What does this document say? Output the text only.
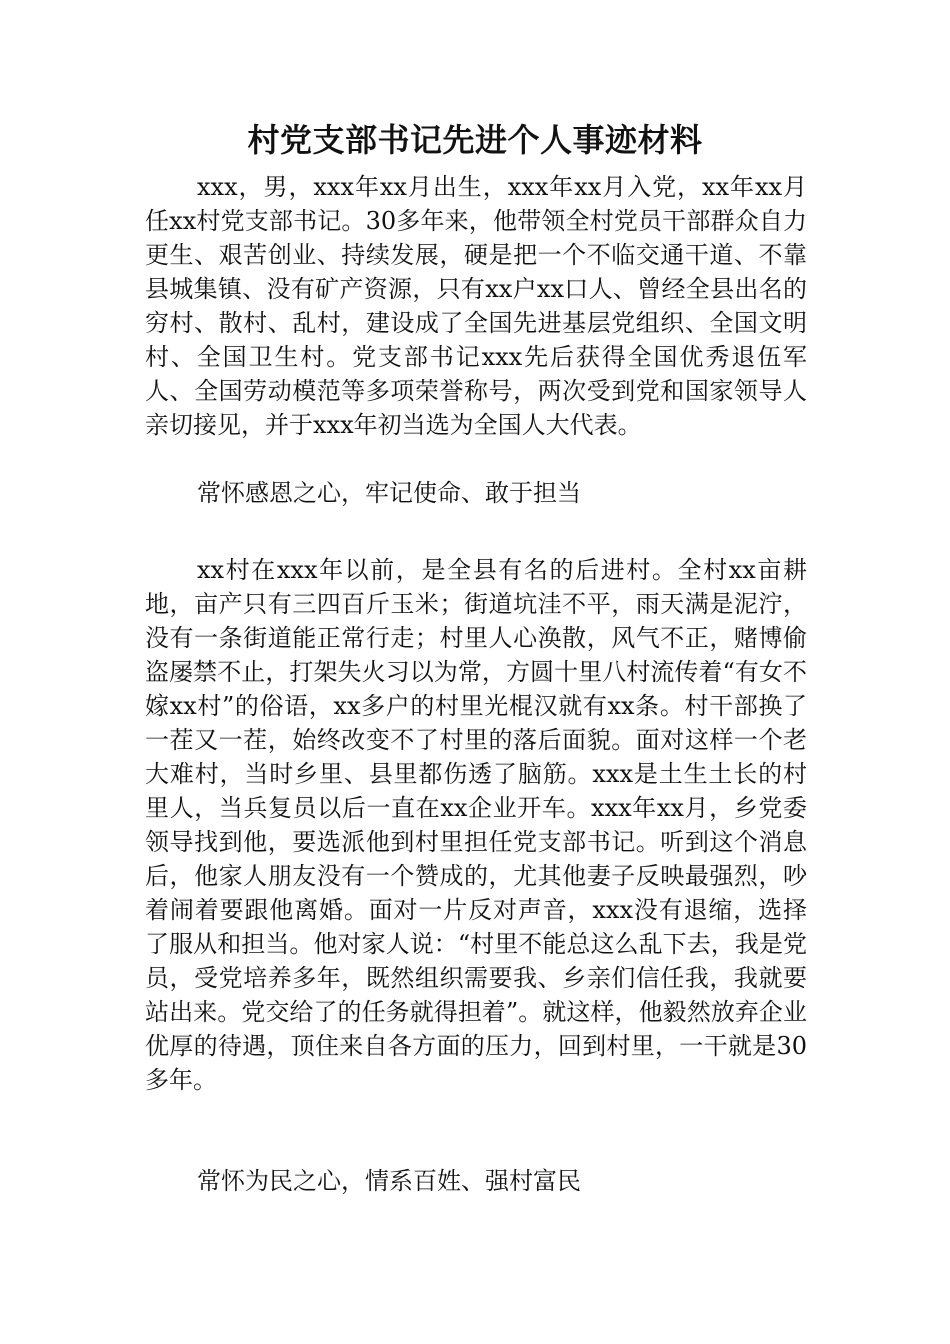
村党支部书记先进个人事迹材料

xxx，男，xxx年xx月出生，xxx年xx月入党，xx年xx月任xx村党支部书记。30多年来，他带领全村党员干部群众自力更生、艰苦创业、持续发展，硬是把一个不临交通干道、不靠县城集镇、没有矿产资源，只有xx户xx口人、曾经全县出名的穷村、散村、乱村，建设成了全国先进基层党组织、全国文明村、全国卫生村。党支部书记xxx先后获得全国优秀退伍军人、全国劳动模范等多项荣誉称号，两次受到党和国家领导人亲切接见，并于xxx年初当选为全国人大代表。

常怀感恩之心，牢记使命、敢于担当

xx村在xxx年以前，是全县有名的后进村。全村xx亩耕地，亩产只有三四百斤玉米；街道坑洼不平，雨天满是泥泞，没有一条街道能正常行走；村里人心涣散，风气不正，赌博偷盗屡禁不止，打架失火习以为常，方圆十里八村流传着“有女不嫁xx村”的俗语，xx多户的村里光棍汉就有xx条。村干部换了一茬又一茬，始终改变不了村里的落后面貌。面对这样一个老大难村，当时乡里、县里都伤透了脑筋。xxx是土生土长的村里人，当兵复员以后一直在xx企业开车。xxx年xx月，乡党委领导找到他，要选派他到村里担任党支部书记。听到这个消息后，他家人朋友没有一个赞成的，尤其他妻子反映最强烈，吵着闹着要跟他离婚。面对一片反对声音，xxx没有退缩，选择了服从和担当。他对家人说：“村里不能总这么乱下去，我是党员，受党培养多年，既然组织需要我、乡亲们信任我，我就要站出来。党交给了的任务就得担着”。就这样，他毅然放弃企业优厚的待遇，顶住来自各方面的压力，回到村里，一干就是30多年。

常怀为民之心，情系百姓、强村富民
